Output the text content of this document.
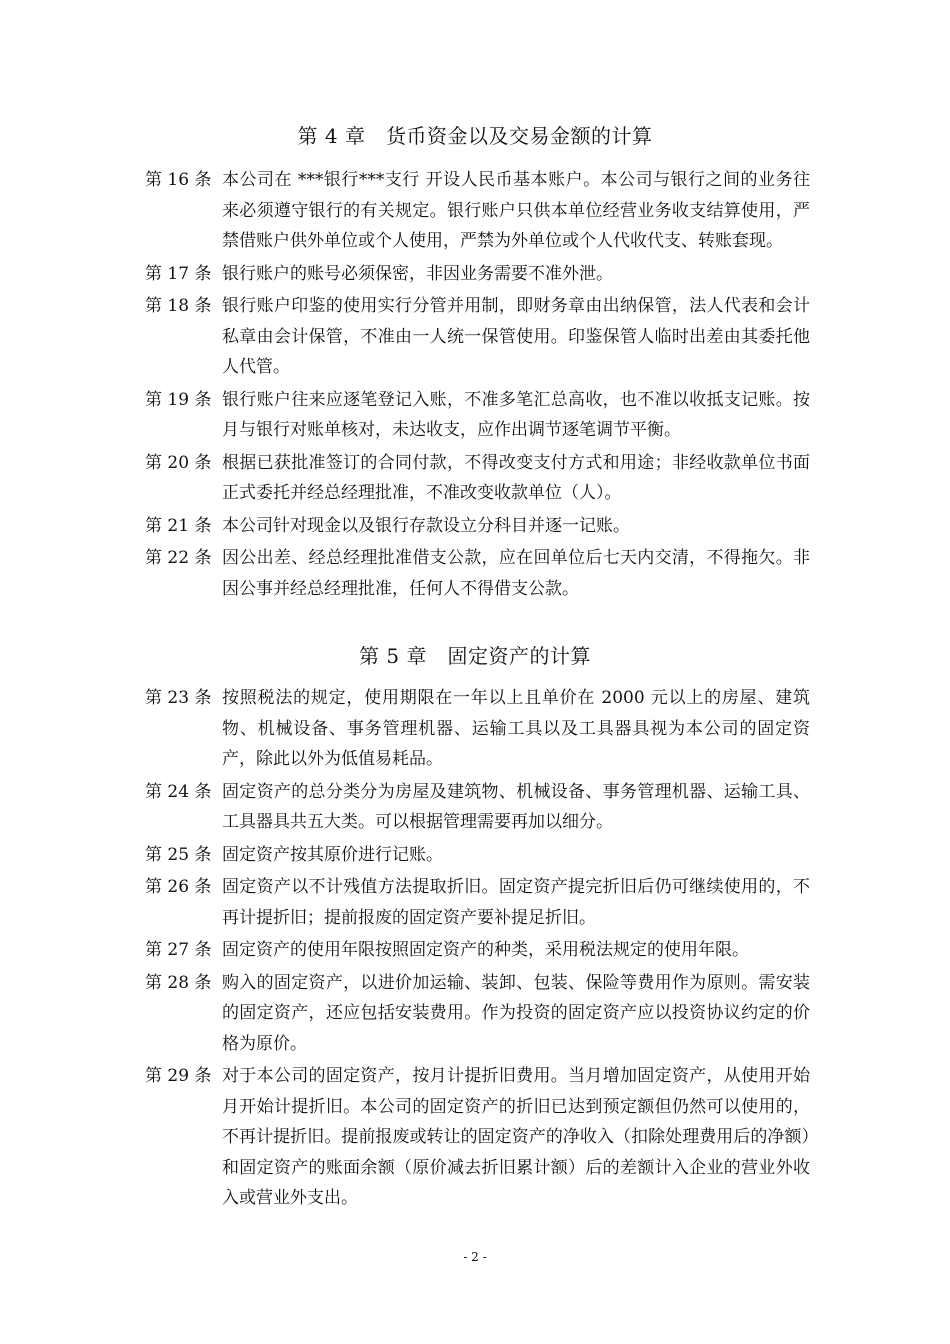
第 4 章　货币资金以及交易金额的计算
第 16 条 本公司在 ***银行***支行 开设人民币基本账户。本公司与银行之间的业务往来必须遵守银行的有关规定。银行账户只供本单位经营业务收支结算使用，严禁借账户供外单位或个人使用，严禁为外单位或个人代收代支、转账套现。
第 17 条 银行账户的账号必须保密，非因业务需要不准外泄。
第 18 条 银行账户印鉴的使用实行分管并用制，即财务章由出纳保管，法人代表和会计私章由会计保管，不准由一人统一保管使用。印鉴保管人临时出差由其委托他人代管。
第 19 条 银行账户往来应逐笔登记入账，不准多笔汇总高收，也不准以收抵支记账。按月与银行对账单核对，未达收支，应作出调节逐笔调节平衡。
第 20 条 根据已获批准签订的合同付款，不得改变支付方式和用途；非经收款单位书面正式委托并经总经理批准，不准改变收款单位（人）。
第 21 条 本公司针对现金以及银行存款设立分科目并逐一记账。
第 22 条 因公出差、经总经理批准借支公款，应在回单位后七天内交清，不得拖欠。非因公事并经总经理批准，任何人不得借支公款。
第 5 章　固定资产的计算
第 23 条 按照税法的规定，使用期限在一年以上且单价在 2000 元以上的房屋、建筑物、机械设备、事务管理机器、运输工具以及工具器具视为本公司的固定资产，除此以外为低值易耗品。
第 24 条 固定资产的总分类分为房屋及建筑物、机械设备、事务管理机器、运输工具、工具器具共五大类。可以根据管理需要再加以细分。
第 25 条 固定资产按其原价进行记账。
第 26 条 固定资产以不计残值方法提取折旧。固定资产提完折旧后仍可继续使用的，不再计提折旧；提前报废的固定资产要补提足折旧。
第 27 条 固定资产的使用年限按照固定资产的种类，采用税法规定的使用年限。
第 28 条 购入的固定资产，以进价加运输、装卸、包装、保险等费用作为原则。需安装的固定资产，还应包括安装费用。作为投资的固定资产应以投资协议约定的价格为原价。
第 29 条 对于本公司的固定资产，按月计提折旧费用。当月增加固定资产，从使用开始月开始计提折旧。本公司的固定资产的折旧已达到预定额但仍然可以使用的，不再计提折旧。提前报废或转让的固定资产的净收入（扣除处理费用后的净额）和固定资产的账面余额（原价减去折旧累计额）后的差额计入企业的营业外收入或营业外支出。
- 2 -
